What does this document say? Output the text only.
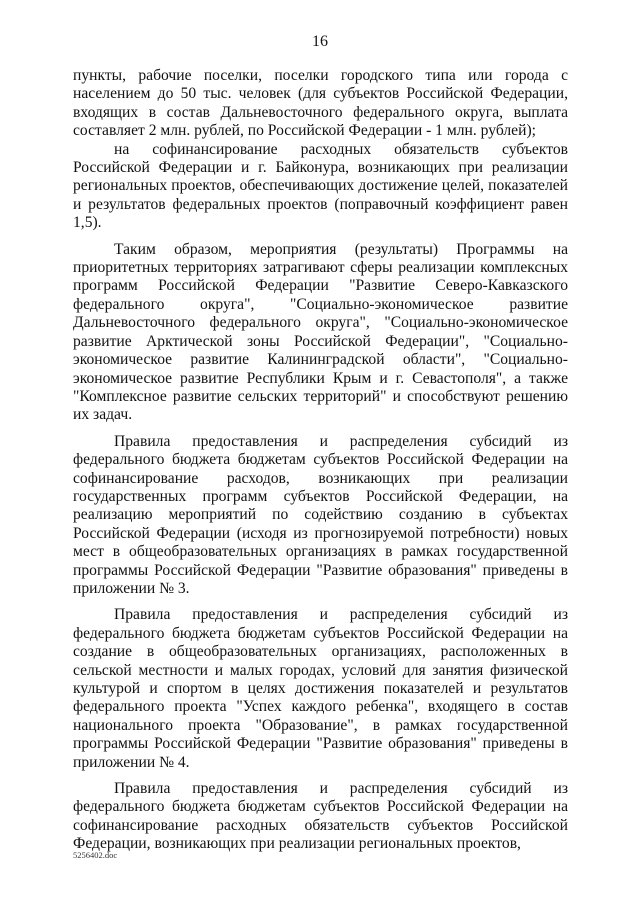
16

пункты, рабочие поселки, поселки городского типа или города с населением до 50 тыс. человек (для субъектов Российской Федерации, входящих в состав Дальневосточного федерального округа, выплата составляет 2 млн. рублей, по Российской Федерации - 1 млн. рублей);

на софинансирование расходных обязательств субъектов Российской Федерации и г. Байконура, возникающих при реализации региональных проектов, обеспечивающих достижение целей, показателей и результатов федеральных проектов (поправочный коэффициент равен 1,5).

Таким образом, мероприятия (результаты) Программы на приоритетных территориях затрагивают сферы реализации комплексных программ Российской Федерации "Развитие Северо-Кавказского федерального округа", "Социально-экономическое развитие Дальневосточного федерального округа", "Социально-экономическое развитие Арктической зоны Российской Федерации", "Социально-экономическое развитие Калининградской области", "Социально-экономическое развитие Республики Крым и г. Севастополя", а также "Комплексное развитие сельских территорий" и способствуют решению их задач.

Правила предоставления и распределения субсидий из федерального бюджета бюджетам субъектов Российской Федерации на софинансирование расходов, возникающих при реализации государственных программ субъектов Российской Федерации, на реализацию мероприятий по содействию созданию в субъектах Российской Федерации (исходя из прогнозируемой потребности) новых мест в общеобразовательных организациях в рамках государственной программы Российской Федерации "Развитие образования" приведены в приложении № 3.

Правила предоставления и распределения субсидий из федерального бюджета бюджетам субъектов Российской Федерации на создание в общеобразовательных организациях, расположенных в сельской местности и малых городах, условий для занятия физической культурой и спортом в целях достижения показателей и результатов федерального проекта "Успех каждого ребенка", входящего в состав национального проекта "Образование", в рамках государственной программы Российской Федерации "Развитие образования" приведены в приложении № 4.

Правила предоставления и распределения субсидий из федерального бюджета бюджетам субъектов Российской Федерации на софинансирование расходных обязательств субъектов Российской Федерации, возникающих при реализации региональных проектов,

5256402.doc
